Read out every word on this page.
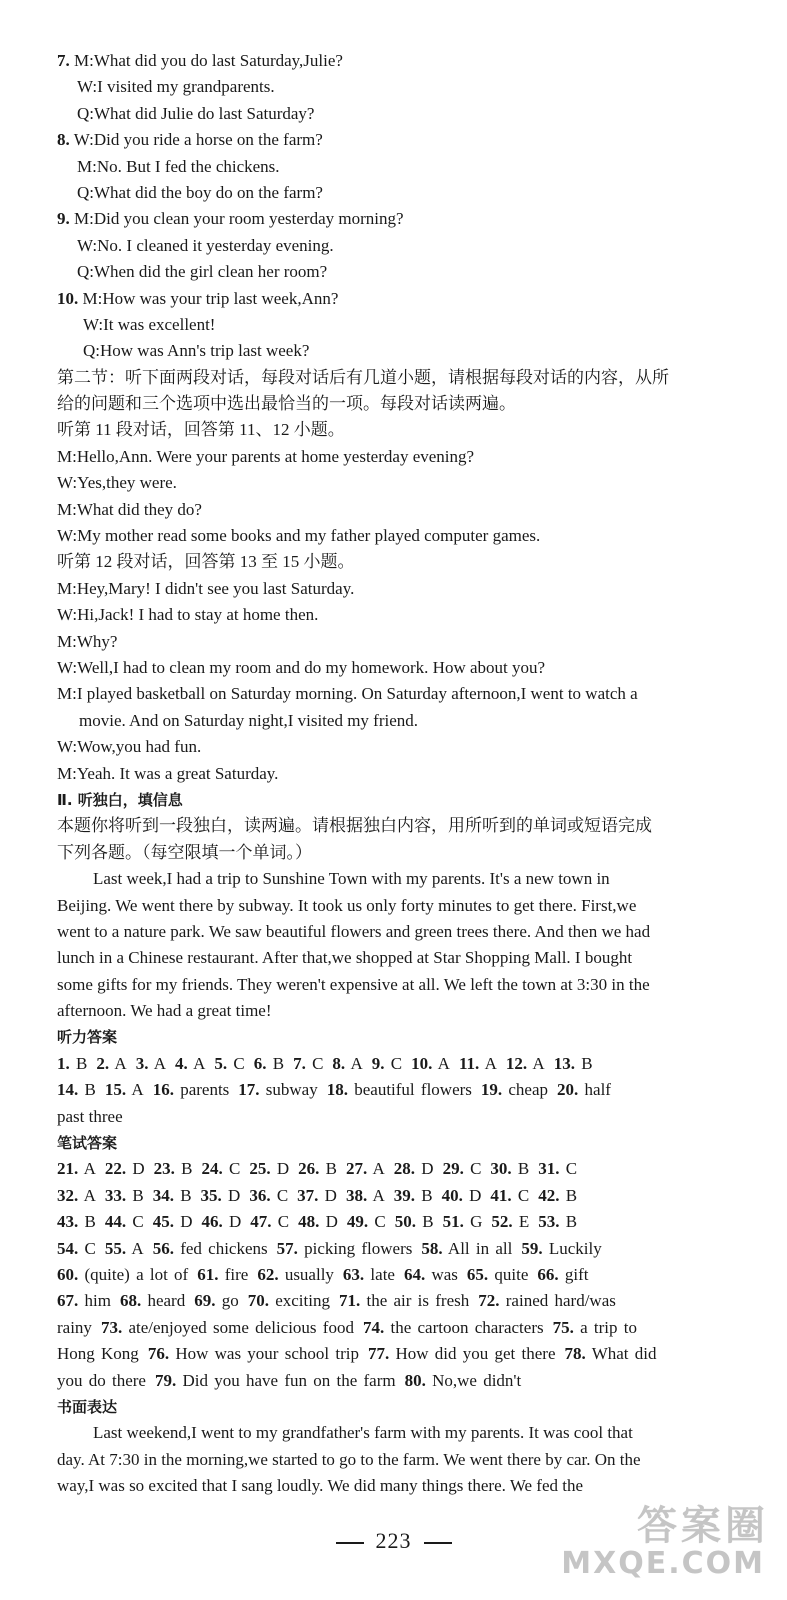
7. M:What did you do last Saturday,Julie?
W:I visited my grandparents.
Q:What did Julie do last Saturday?
8. W:Did you ride a horse on the farm?
M:No. But I fed the chickens.
Q:What did the boy do on the farm?
9. M:Did you clean your room yesterday morning?
W:No. I cleaned it yesterday evening.
Q:When did the girl clean her room?
10. M:How was your trip last week,Ann?
W:It was excellent!
Q:How was Ann's trip last week?
第二节：听下面两段对话，每段对话后有几道小题，请根据每段对话的内容，从所
给的问题和三个选项中选出最恰当的一项。每段对话读两遍。
听第 11 段对话，回答第 11、12 小题。
M:Hello,Ann. Were your parents at home yesterday evening?
W:Yes,they were.
M:What did they do?
W:My mother read some books and my father played computer games.
听第 12 段对话，回答第 13 至 15 小题。
M:Hey,Mary! I didn't see you last Saturday.
W:Hi,Jack! I had to stay at home then.
M:Why?
W:Well,I had to clean my room and do my homework. How about you?
M:I played basketball on Saturday morning. On Saturday afternoon,I went to watch a
movie. And on Saturday night,I visited my friend.
W:Wow,you had fun.
M:Yeah. It was a great Saturday.
Ⅱ. 听独白，填信息
本题你将听到一段独白，读两遍。请根据独白内容，用所听到的单词或短语完成
下列各题。（每空限填一个单词。）
Last week,I had a trip to Sunshine Town with my parents. It's a new town in
Beijing. We went there by subway. It took us only forty minutes to get there. First,we
went to a nature park. We saw beautiful flowers and green trees there. And then we had
lunch in a Chinese restaurant. After that,we shopped at Star Shopping Mall. I bought
some gifts for my friends. They weren't expensive at all. We left the town at 3:30 in the
afternoon. We had a great time!
听力答案
1. B 2. A 3. A 4. A 5. C 6. B 7. C 8. A 9. C 10. A 11. A 12. A 13. B
14. B 15. A 16. parents 17. subway 18. beautiful flowers 19. cheap 20. half
past three
笔试答案
21. A 22. D 23. B 24. C 25. D 26. B 27. A 28. D 29. C 30. B 31. C
32. A 33. B 34. B 35. D 36. C 37. D 38. A 39. B 40. D 41. C 42. B
43. B 44. C 45. D 46. D 47. C 48. D 49. C 50. B 51. G 52. E 53. B
54. C 55. A 56. fed chickens 57. picking flowers 58. All in all 59. Luckily
60. (quite) a lot of 61. fire 62. usually 63. late 64. was 65. quite 66. gift
67. him 68. heard 69. go 70. exciting 71. the air is fresh 72. rained hard/was
rainy 73. ate/enjoyed some delicious food 74. the cartoon characters 75. a trip to
Hong Kong 76. How was your school trip 77. How did you get there 78. What did
you do there 79. Did you have fun on the farm 80. No,we didn't
书面表达
Last weekend,I went to my grandfather's farm with my parents. It was cool that
day. At 7:30 in the morning,we started to go to the farm. We went there by car. On the
way,I was so excited that I sang loudly. We did many things there. We fed the
223	答案圈
MXQE.COM
